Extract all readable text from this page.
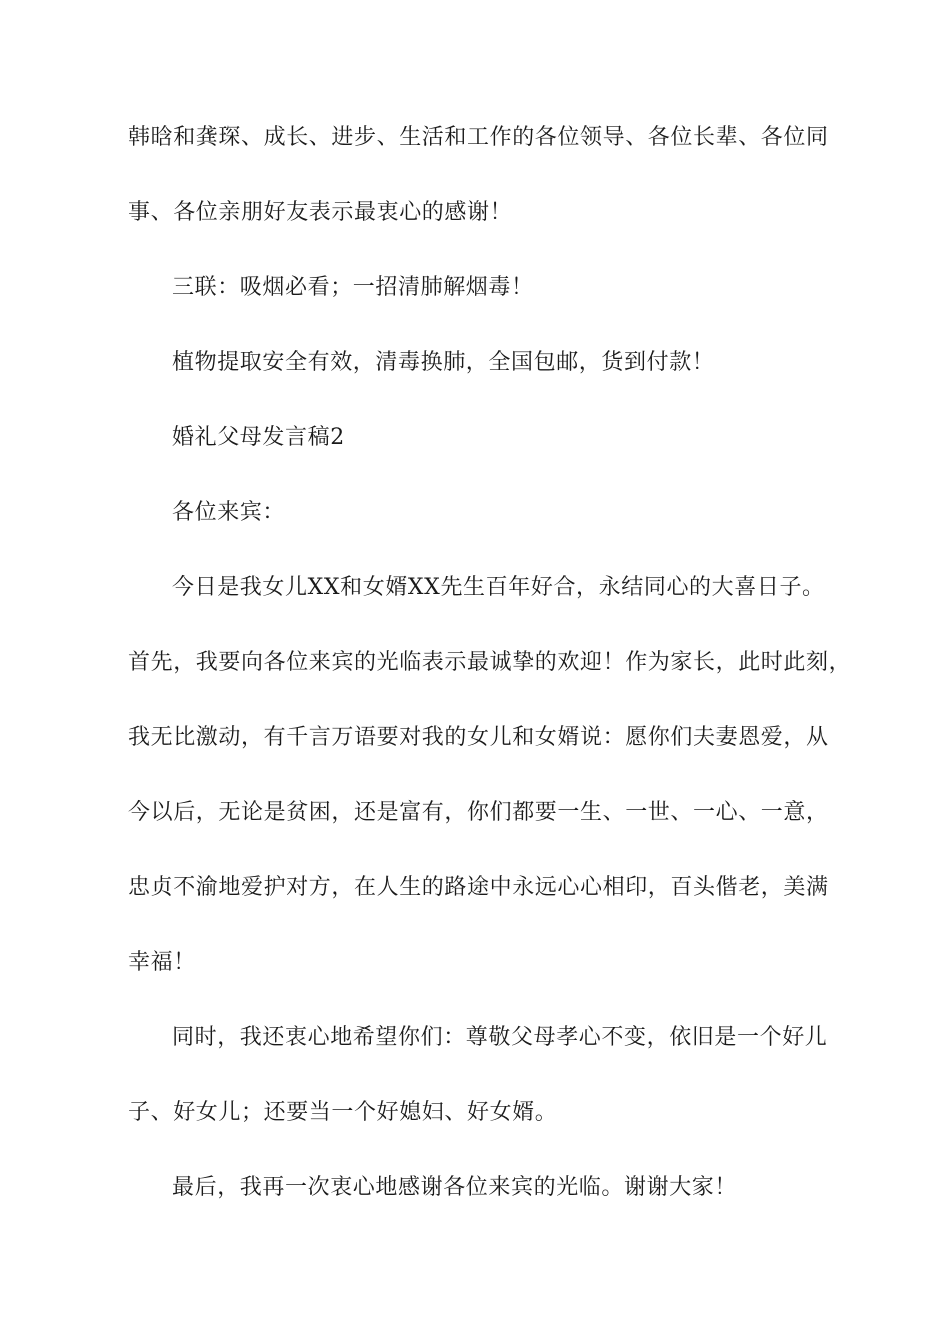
韩晗和龚琛、成长、进步、生活和工作的各位领导、各位长辈、各位同
事、各位亲朋好友表示最衷心的感谢！
三联：吸烟必看；一招清肺解烟毒！
植物提取安全有效，清毒换肺，全国包邮，货到付款！
婚礼父母发言稿2
各位来宾：
今日是我女儿XX和女婿XX先生百年好合，永结同心的大喜日子。
首先，我要向各位来宾的光临表示最诚挚的欢迎！作为家长，此时此刻，
我无比激动，有千言万语要对我的女儿和女婿说：愿你们夫妻恩爱，从
今以后，无论是贫困，还是富有，你们都要一生、一世、一心、一意，
忠贞不渝地爱护对方，在人生的路途中永远心心相印，百头偕老，美满
幸福！
同时，我还衷心地希望你们：尊敬父母孝心不变，依旧是一个好儿
子、好女儿；还要当一个好媳妇、好女婿。
最后，我再一次衷心地感谢各位来宾的光临。谢谢大家！
